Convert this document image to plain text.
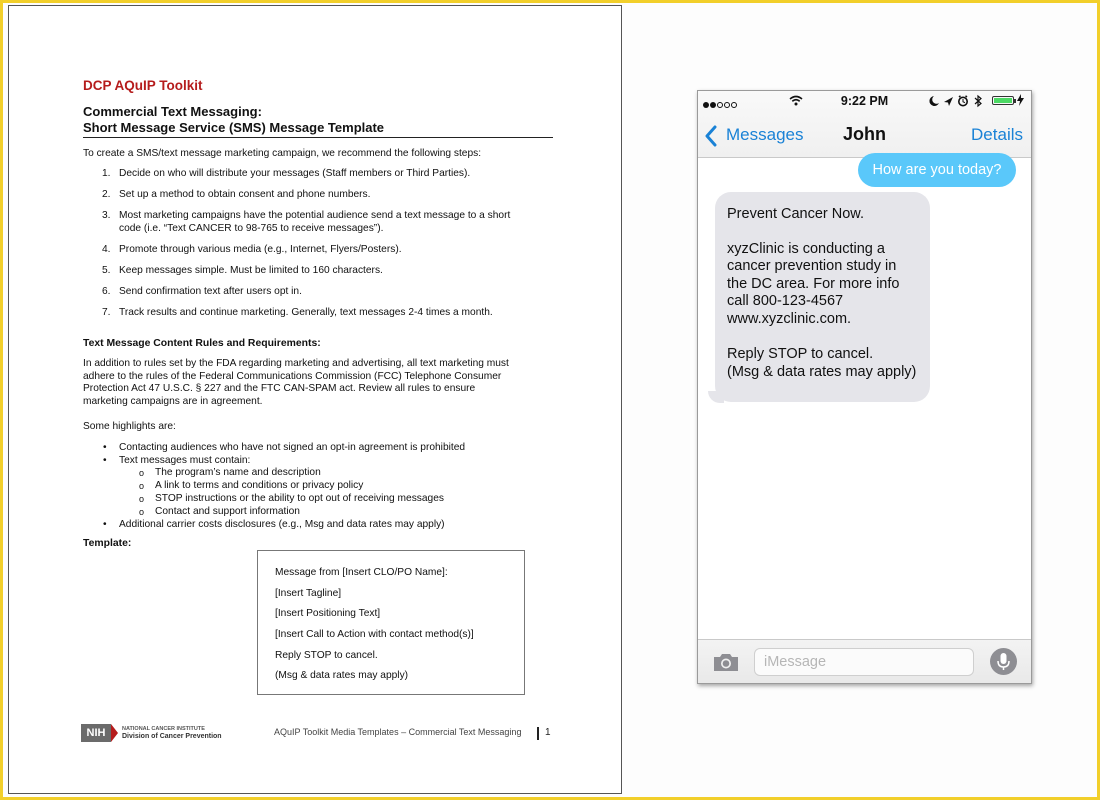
DCP AQuIP Toolkit
Commercial Text Messaging:
Short Message Service (SMS) Message Template
To create a SMS/text message marketing campaign, we recommend the following steps:
1. Decide on who will distribute your messages (Staff members or Third Parties).
2. Set up a method to obtain consent and phone numbers.
3. Most marketing campaigns have the potential audience send a text message to a short
code (i.e. “Text CANCER to 98-765 to receive messages”).
4. Promote through various media (e.g., Internet, Flyers/Posters).
5. Keep messages simple. Must be limited to 160 characters.
6. Send confirmation text after users opt in.
7. Track results and continue marketing. Generally, text messages 2-4 times a month.
Text Message Content Rules and Requirements:
In addition to rules set by the FDA regarding marketing and advertising, all text marketing must
adhere to the rules of the Federal Communications Commission (FCC) Telephone Consumer
Protection Act 47 U.S.C. § 227 and the FTC CAN-SPAM act. Review all rules to ensure
marketing campaigns are in agreement.
Some highlights are:
• Contacting audiences who have not signed an opt-in agreement is prohibited
• Text messages must contain:
o The program’s name and description
o A link to terms and conditions or privacy policy
o STOP instructions or the ability to opt out of receiving messages
o Contact and support information
• Additional carrier costs disclosures (e.g., Msg and data rates may apply)
Template:
Message from [Insert CLO/PO Name]:
[Insert Tagline]
[Insert Positioning Text]
[Insert Call to Action with contact method(s)]
Reply STOP to cancel.
(Msg & data rates may apply)
NIH	NATIONAL CANCER INSTITUTE
Division of Cancer Prevention	AQuIP Toolkit Media Templates – Commercial Text Messaging 1
9:22 PM
Messages	John	Details
How are you today?
Prevent Cancer Now.
xyzClinic is conducting a
cancer prevention study in
the DC area. For more info
call 800-123-4567
www.xyzclinic.com.
Reply STOP to cancel.
(Msg & data rates may apply)
iMessage
